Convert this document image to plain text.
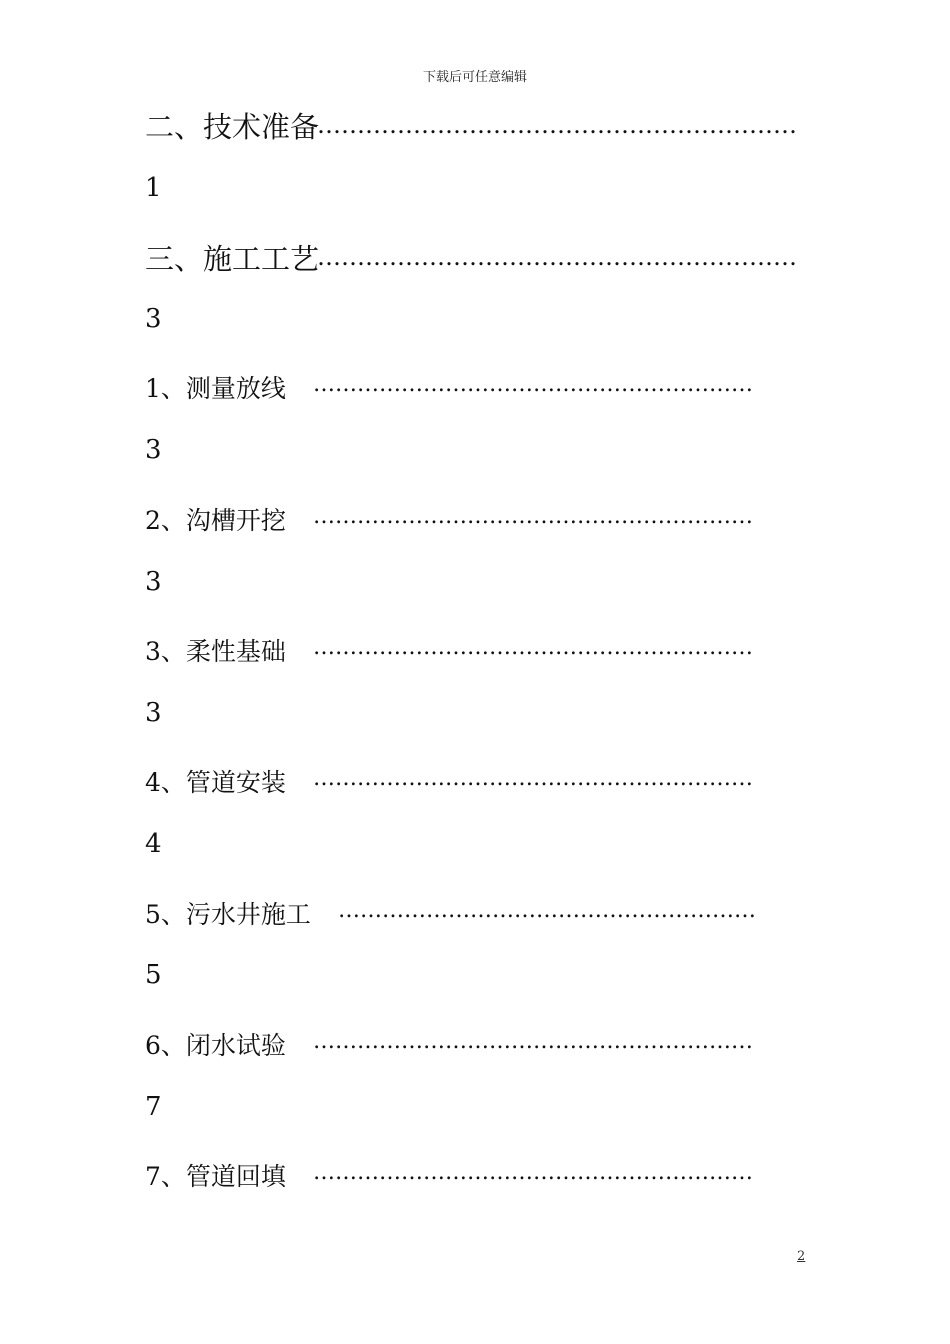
下载后可任意编辑
二、技术准备
……………………………………………………
1
三、施工工艺
……………………………………………………
3
1、测量放线 ……………………………………………………
3
2、沟槽开挖 ……………………………………………………
3
3、柔性基础 ……………………………………………………
3
4、管道安装 ……………………………………………………
4
5、污水井施工 …………………………………………………
5
6、闭水试验 ……………………………………………………
7
7、管道回填 ……………………………………………………
2
